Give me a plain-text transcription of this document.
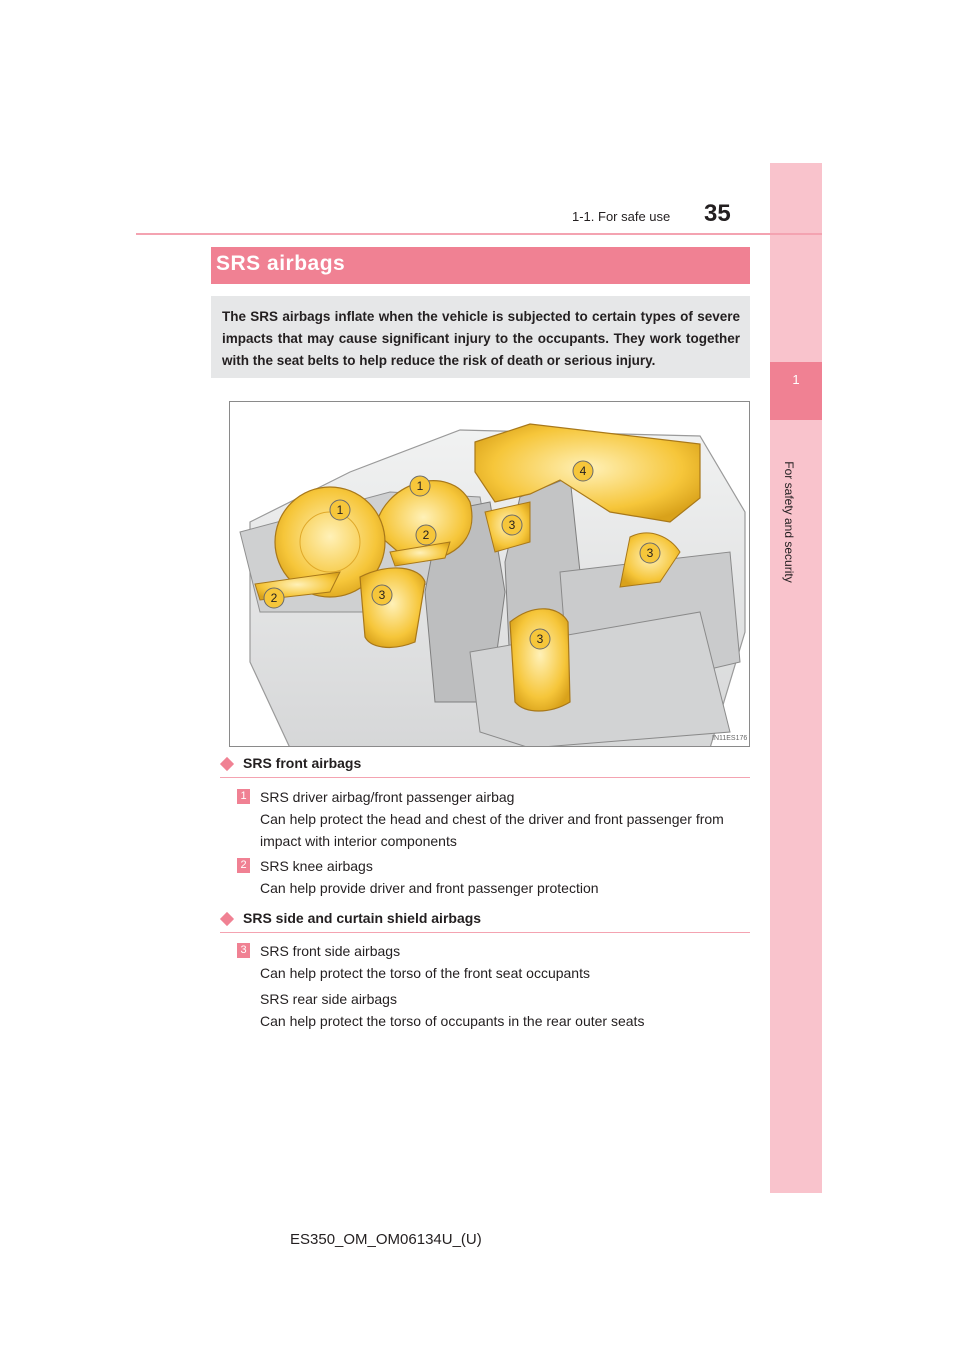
1
For safety and security
1-1. For safe use 35
SRS airbags
The SRS airbags inflate when the vehicle is subjected to certain types of severe impacts that may cause significant injury to the occupants. They work together with the seat belts to help reduce the risk of death or serious injury.
1
1
2
2
3
3
3
3
4
IN11ES176
SRS front airbags
1 SRS driver airbag/front passenger airbag
Can help protect the head and chest of the driver and front passenger from
impact with interior components
2 SRS knee airbags
Can help provide driver and front passenger protection
SRS side and curtain shield airbags
3 SRS front side airbags
Can help protect the torso of the front seat occupants
SRS rear side airbags
Can help protect the torso of occupants in the rear outer seats
ES350_OM_OM06134U_(U)
